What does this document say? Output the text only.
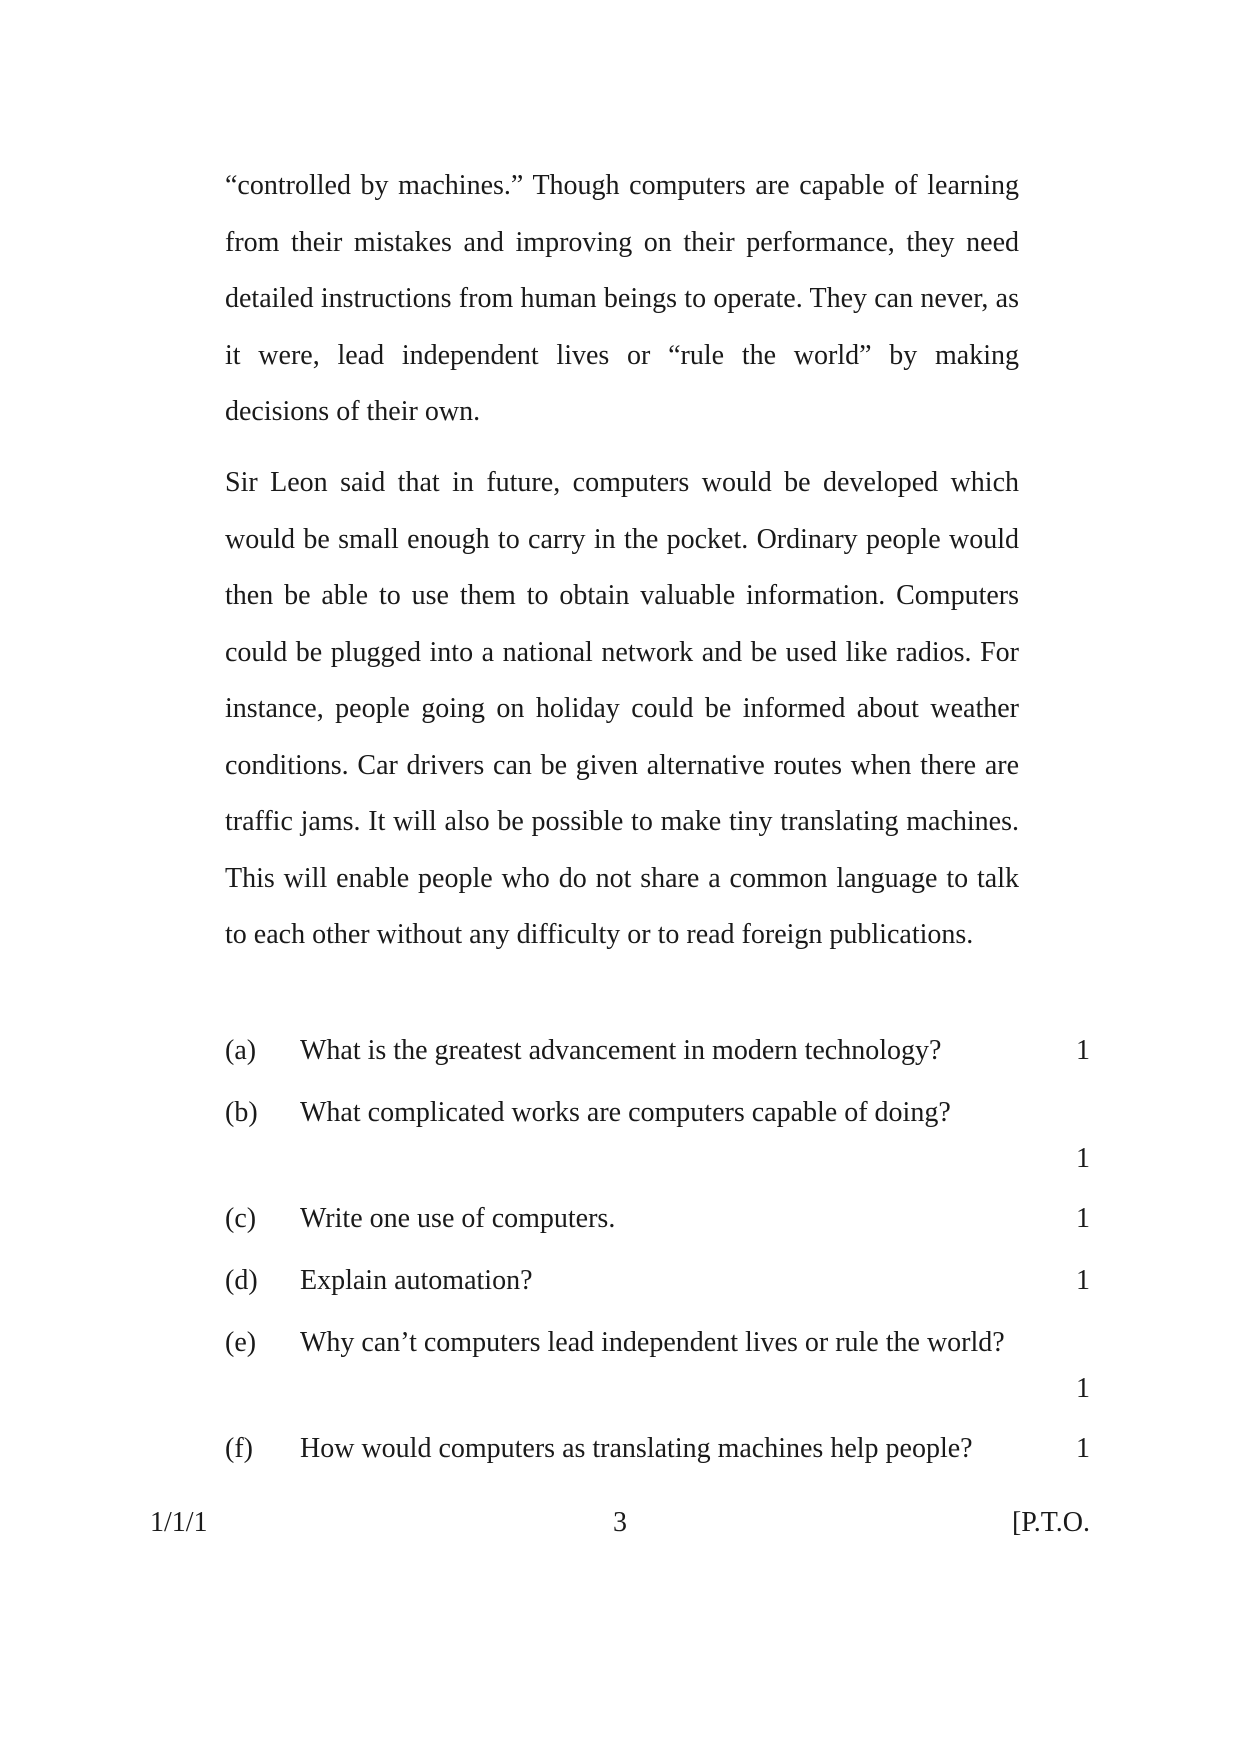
“controlled by machines.” Though computers are capable of learning from their mistakes and improving on their performance, they need detailed instructions from human beings to operate. They can never, as it were, lead independent lives or “rule the world” by making decisions of their own.

Sir Leon said that in future, computers would be developed which would be small enough to carry in the pocket. Ordinary people would then be able to use them to obtain valuable information. Computers could be plugged into a national network and be used like radios. For instance, people going on holiday could be informed about weather conditions. Car drivers can be given alternative routes when there are traffic jams. It will also be possible to make tiny translating machines. This will enable people who do not share a common language to talk to each other without any difficulty or to read foreign publications.

(a) What is the greatest advancement in modern technology?	1
(b) What complicated works are computers capable of doing?
1
(c) Write one use of computers.	1
(d) Explain automation?	1
(e) Why can’t computers lead independent lives or rule the world?
1
(f) How would computers as translating machines help people?	1
1/1/1	3	[P.T.O.
